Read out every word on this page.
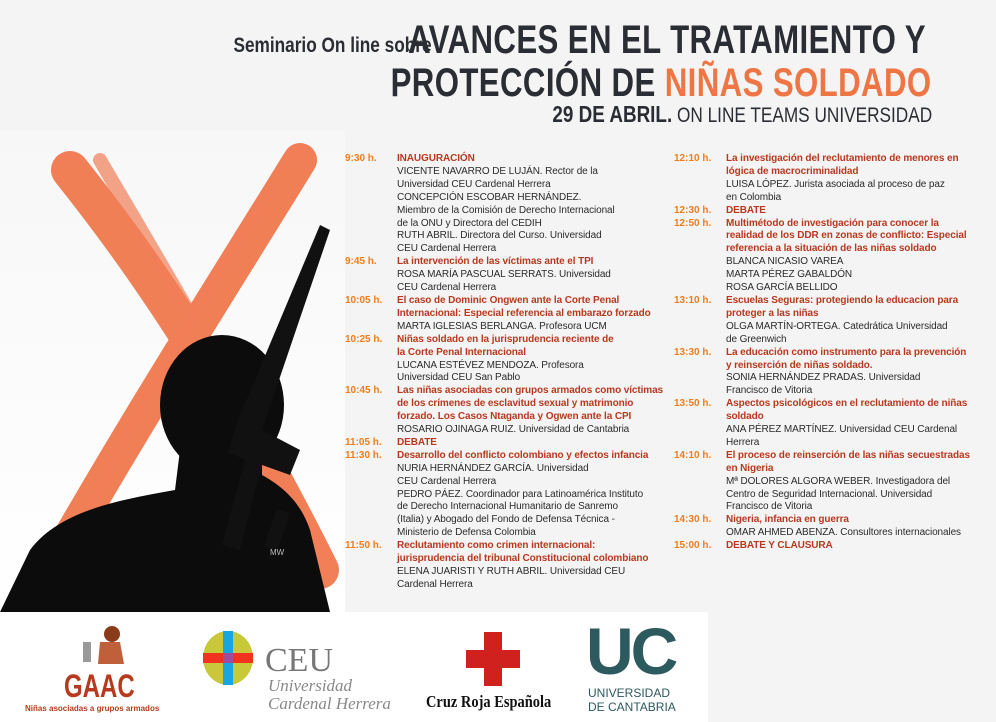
MW
Seminario On line sobre
AVANCES EN EL TRATAMIENTO Y
PROTECCIÓN DE NIÑAS SOLDADO
29 DE ABRIL. ON LINE TEAMS UNIVERSIDAD
9:30 h. INAUGURACIÓN
VICENTE NAVARRO DE LUJÁN. Rector de la
Universidad CEU Cardenal Herrera
CONCEPCIÓN ESCOBAR HERNÁNDEZ.
Miembro de la Comisión de Derecho Internacional
de la ONU y Directora del CEDIH
RUTH ABRIL. Directora del Curso. Universidad
CEU Cardenal Herrera
9:45 h. La intervención de las víctimas ante el TPI
ROSA MARÍA PASCUAL SERRATS. Universidad
CEU Cardenal Herrera
10:05 h. El caso de Dominic Ongwen ante la Corte Penal
Internacional: Especial referencia al embarazo forzado
MARTA IGLESIAS BERLANGA. Profesora UCM
10:25 h. Niñas soldado en la jurisprudencia reciente de
la Corte Penal Internacional
LUCANA ESTÉVEZ MENDOZA. Profesora
Universidad CEU San Pablo
10:45 h. Las niñas asociadas con grupos armados como víctimas
de los crímenes de esclavitud sexual y matrimonio
forzado. Los Casos Ntaganda y Ogwen ante la CPI
ROSARIO OJINAGA RUIZ. Universidad de Cantabria
11:05 h. DEBATE
11:30 h. Desarrollo del conflicto colombiano y efectos infancia
NURIA HERNÁNDEZ GARCÍA. Universidad
CEU Cardenal Herrera
PEDRO PÁEZ. Coordinador para Latinoamérica Instituto
de Derecho Internacional Humanitario de Sanremo
(Italia) y Abogado del Fondo de Defensa Técnica -
Ministerio de Defensa Colombia
11:50 h. Reclutamiento como crimen internacional:
jurisprudencia del tribunal Constitucional colombiano
ELENA JUARISTI Y RUTH ABRIL. Universidad CEU
Cardenal Herrera
12:10 h. La investigación del reclutamiento de menores en
lógica de macrocriminalidad
LUISA LÓPEZ. Jurista asociada al proceso de paz
en Colombia
12:30 h. DEBATE
12:50 h. Multimétodo de investigación para conocer la
realidad de los DDR en zonas de conflicto: Especial
referencia a la situación de las niñas soldado
BLANCA NICASIO VAREA
MARTA PÉREZ GABALDÓN
ROSA GARCÍA BELLIDO
13:10 h. Escuelas Seguras: protegiendo la educacion para
proteger a las niñas
OLGA MARTÍN-ORTEGA. Catedrática Universidad
de Greenwich
13:30 h. La educación como instrumento para la prevención
y reinserción de niñas soldado.
SONIA HERNÁNDEZ PRADAS. Universidad
Francisco de Vitoria
13:50 h. Aspectos psicológicos en el reclutamiento de niñas
soldado
ANA PÉREZ MARTÍNEZ. Universidad CEU Cardenal
Herrera
14:10 h. El proceso de reinserción de las niñas secuestradas
en Nigeria
Mª DOLORES ALGORA WEBER. Investigadora del
Centro de Seguridad Internacional. Universidad
Francisco de Vitoria
14:30 h. Nigeria, infancia en guerra
OMAR AHMED ABENZA. Consultores internacionales
15:00 h. DEBATE Y CLAUSURA
GAAC
Niñas asociadas a grupos armados
CEU
Universidad
Cardenal Herrera Cruz Roja Española
UC
UNIVERSIDAD
DE CANTABRIA
